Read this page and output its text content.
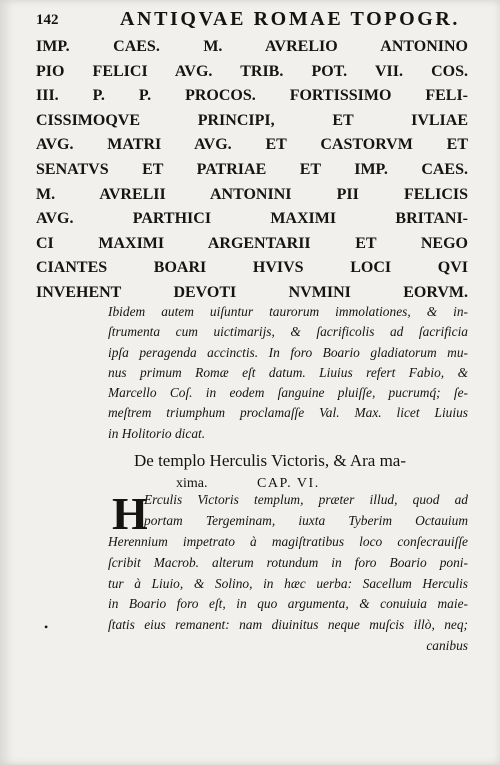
142	ANTIQVAE ROMAE TOPOGR.
IMP. CAES. M. AVRELIO ANTONINO
PIO FELICI AVG. TRIB. POT. VII. COS.
III. P. P. PROCOS. FORTISSIMO FELI-
CISSIMOQVE PRINCIPI, ET IVLIAE
AVG. MATRI AVG. ET CASTORVM ET
SENATVS ET PATRIAE ET IMP. CAES.
M. AVRELII ANTONINI PII FELICIS
AVG. PARTHICI MAXIMI BRITANI-
CI MAXIMI ARGENTARII ET NEGO
CIANTES BOARI HVIVS LOCI QVI
INVEHENT DEVOTI NVMINI EORVM.
Ibidem autem uiſuntur taurorum immolationes, & in-
ſtrumenta cum uictimarijs, & ſacrificolis ad ſacrificia
ipſa peragenda accinctis. In foro Boario gladiatorum mu-
nus primum Romæ eſt datum. Liuius refert Fabio, &
Marcello Coſ. in eodem ſanguine pluiſſe, pucrumq́; ſe-
meſtrem triumphum proclamaſſe Val. Max. licet Liuius
in Holitorio dicat.
De templo Herculis Victoris, & Ara ma-
xima.	CAP. VI.
H
Erculis Victoris templum, præter illud, quod ad
portam Tergeminam, iuxta Tyberim Octauium
Herennium impetrato à magiſtratibus loco conſecrauiſſe
ſcribit Macrob. alterum rotundum in foro Boario poni-
tur à Liuio, & Solino, in hæc uerba: Sacellum Herculis
in Boario foro eſt, in quo argumenta, & conuiuia maie-
ſtatis eius remanent: nam diuinitus neque muſcis illò, neq;
canibus
•
